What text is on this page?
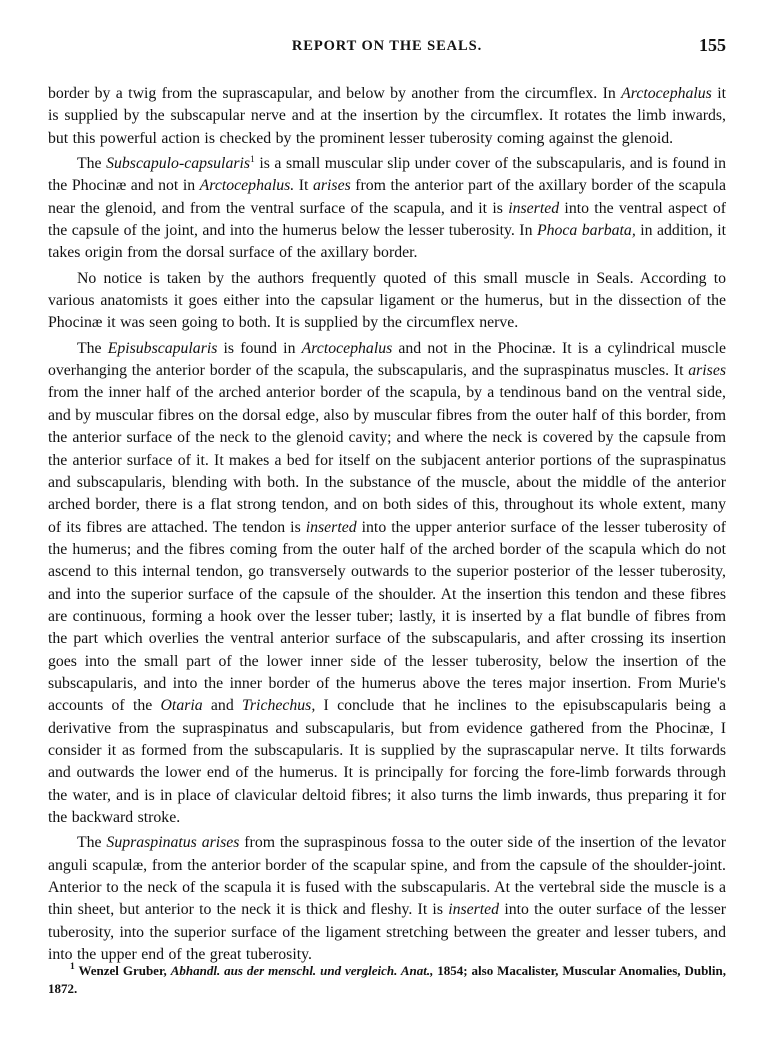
REPORT ON THE SEALS.	155

border by a twig from the suprascapular, and below by another from the circumflex. In Arctocephalus it is supplied by the subscapular nerve and at the insertion by the circumflex. It rotates the limb inwards, but this powerful action is checked by the prominent lesser tuberosity coming against the glenoid.

The Subscapulo-capsularis$^1$ is a small muscular slip under cover of the subscapularis, and is found in the Phocinæ and not in Arctocephalus. It arises from the anterior part of the axillary border of the scapula near the glenoid, and from the ventral surface of the scapula, and it is inserted into the ventral aspect of the capsule of the joint, and into the humerus below the lesser tuberosity. In Phoca barbata, in addition, it takes origin from the dorsal surface of the axillary border.

No notice is taken by the authors frequently quoted of this small muscle in Seals. According to various anatomists it goes either into the capsular ligament or the humerus, but in the dissection of the Phocinæ it was seen going to both. It is supplied by the circumflex nerve.

The Episubscapularis is found in Arctocephalus and not in the Phocinæ. It is a cylindrical muscle overhanging the anterior border of the scapula, the subscapularis, and the supraspinatus muscles. It arises from the inner half of the arched anterior border of the scapula, by a tendinous band on the ventral side, and by muscular fibres on the dorsal edge, also by muscular fibres from the outer half of this border, from the anterior surface of the neck to the glenoid cavity; and where the neck is covered by the capsule from the anterior surface of it. It makes a bed for itself on the subjacent anterior portions of the supraspinatus and subscapularis, blending with both. In the substance of the muscle, about the middle of the anterior arched border, there is a flat strong tendon, and on both sides of this, throughout its whole extent, many of its fibres are attached. The tendon is inserted into the upper anterior surface of the lesser tuberosity of the humerus; and the fibres coming from the outer half of the arched border of the scapula which do not ascend to this internal tendon, go transversely outwards to the superior posterior of the lesser tuberosity, and into the superior surface of the capsule of the shoulder. At the insertion this tendon and these fibres are continuous, forming a hook over the lesser tuber; lastly, it is inserted by a flat bundle of fibres from the part which overlies the ventral anterior surface of the subscapularis, and after crossing its insertion goes into the small part of the lower inner side of the lesser tuberosity, below the insertion of the subscapularis, and into the inner border of the humerus above the teres major insertion. From Murie's accounts of the Otaria and Trichechus, I conclude that he inclines to the episubscapularis being a derivative from the supraspinatus and subscapularis, but from evidence gathered from the Phocinæ, I consider it as formed from the subscapularis. It is supplied by the suprascapular nerve. It tilts forwards and outwards the lower end of the humerus. It is principally for forcing the fore-limb forwards through the water, and is in place of clavicular deltoid fibres; it also turns the limb inwards, thus preparing it for the backward stroke.

The Supraspinatus arises from the supraspinous fossa to the outer side of the insertion of the levator anguli scapulæ, from the anterior border of the scapular spine, and from the capsule of the shoulder-joint. Anterior to the neck of the scapula it is fused with the subscapularis. At the vertebral side the muscle is a thin sheet, but anterior to the neck it is thick and fleshy. It is inserted into the outer surface of the lesser tuberosity, into the superior surface of the ligament stretching between the greater and lesser tubers, and into the upper end of the great tuberosity.

$^1$ Wenzel Gruber, Abhandl. aus der menschl. und vergleich. Anat., 1854; also Macalister, Muscular Anomalies, Dublin, 1872.
